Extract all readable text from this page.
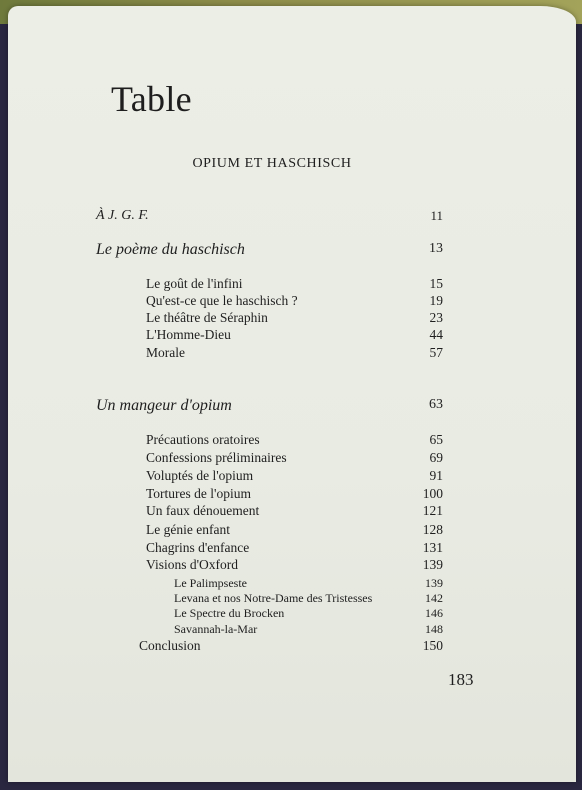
Table
OPIUM ET HASCHISCH
À J. G. F.	11
Le poème du haschisch	13
Le goût de l'infini	15
Qu'est-ce que le haschisch ?	19
Le théâtre de Séraphin	23
L'Homme-Dieu	44
Morale	57
Un mangeur d'opium	63
Précautions oratoires	65
Confessions préliminaires	69
Voluptés de l'opium	91
Tortures de l'opium	100
Un faux dénouement	121
Le génie enfant	128
Chagrins d'enfance	131
Visions d'Oxford	139
Le Palimpseste	139
Levana et nos Notre-Dame des Tristesses	142
Le Spectre du Brocken	146
Savannah-la-Mar	148
Conclusion	150
183
